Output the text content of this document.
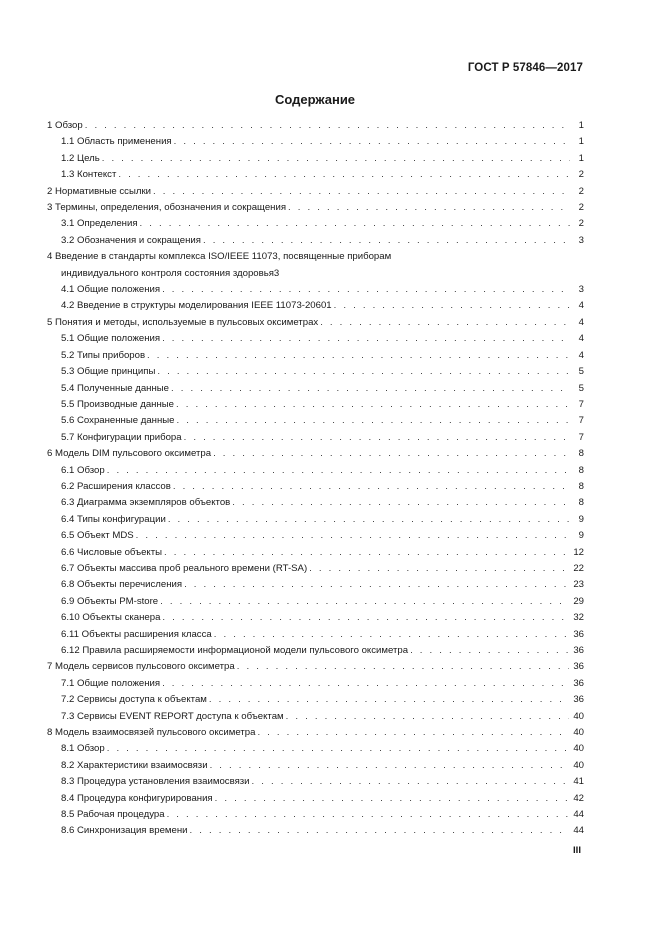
ГОСТ Р 57846—2017
Содержание
1 Обзор . . .	1
1.1 Область применения . . .	1
1.2 Цель . . .	1
1.3 Контекст . . .	2
2 Нормативные ссылки . . .	2
3 Термины, определения, обозначения и сокращения . . .	2
3.1 Определения . . .	2
3.2 Обозначения и сокращения . . .	3
4 Введение в стандарты комплекса ISO/IEEE 11073, посвященные приборам
индивидуального контроля состояния здоровья 3
4.1 Общие положения . . .	3
4.2 Введение в структуры моделирования IEEE 11073-20601 . . .	4
5 Понятия и методы, используемые в пульсовых оксиметрах . . .	4
5.1 Общие положения . . .	4
5.2 Типы приборов . . .	4
5.3 Общие принципы . . .	5
5.4 Полученные данные . . .	5
5.5 Производные данные . . .	7
5.6 Сохраненные данные . . .	7
5.7 Конфигурации прибора . . .	7
6 Модель DIM пульсового оксиметра . . .	8
6.1 Обзор . . .	8
6.2 Расширения классов . . .	8
6.3 Диаграмма экземпляров объектов . . .	8
6.4 Типы конфигурации . . .	9
6.5 Объект MDS . . .	9
6.6 Числовые объекты . . .	12
6.7 Объекты массива проб реального времени (RT-SA) . . .	22
6.8 Объекты перечисления . . .	23
6.9 Объекты PM-store . . .	29
6.10 Объекты сканера . . .	32
6.11 Объекты расширения класса . . .	36
6.12 Правила расширяемости информационой модели пульсового оксиметра . . .	36
7 Модель сервисов пульсового оксиметра . . .	36
7.1 Общие положения . . .	36
7.2 Сервисы доступа к объектам . . .	36
7.3 Сервисы EVENT REPORT доступа к объектам . . .	40
8 Модель взаимосвязей пульсового оксиметра . . .	40
8.1 Обзор . . .	40
8.2 Характеристики взаимосвязи . . .	40
8.3 Процедура установления взаимосвязи . . .	41
8.4 Процедура конфигурирования . . .	42
8.5 Рабочая процедура . . .	44
8.6 Синхронизация времени . . .	44
III
